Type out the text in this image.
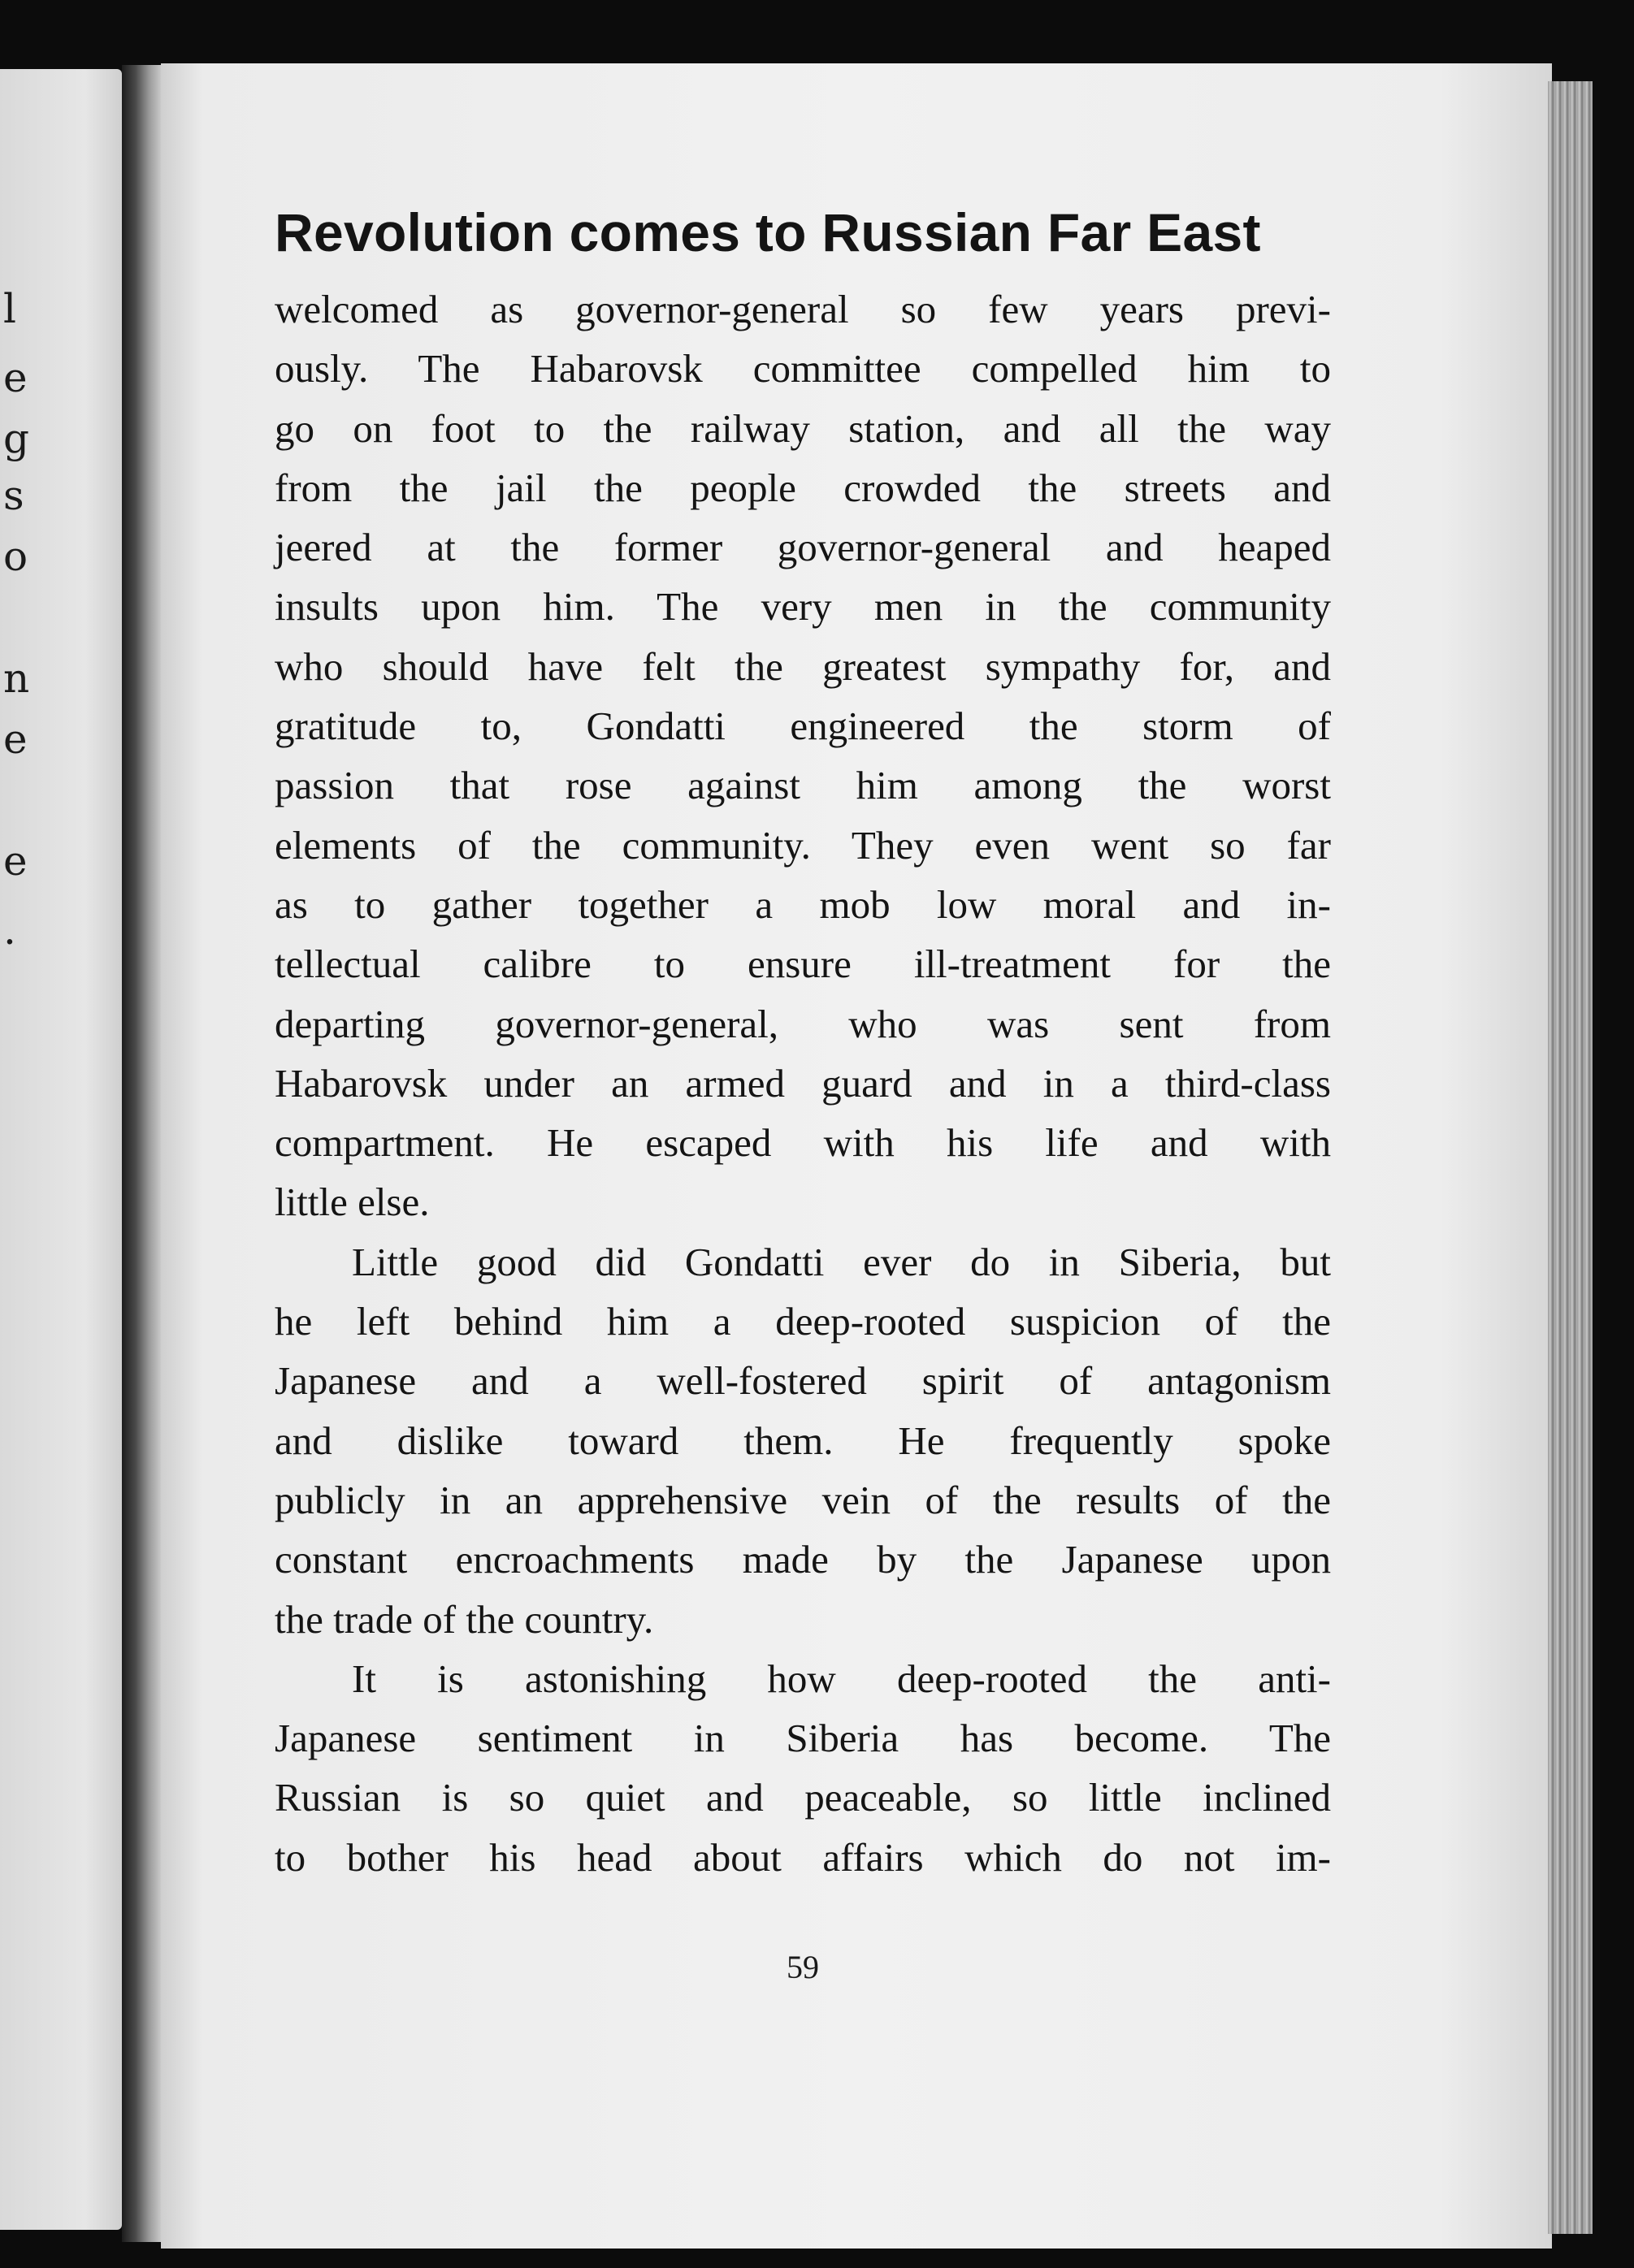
l
e
g
s
o
n
e
e
.
Revolution comes to Russian Far East
welcomed as governor-general so few years previ-
ously. The Habarovsk committee compelled him to
go on foot to the railway station, and all the way
from the jail the people crowded the streets and
jeered at the former governor-general and heaped
insults upon him. The very men in the community
who should have felt the greatest sympathy for, and
gratitude to, Gondatti engineered the storm of
passion that rose against him among the worst
elements of the community. They even went so far
as to gather together a mob low moral and in-
tellectual calibre to ensure ill-treatment for the
departing governor-general, who was sent from
Habarovsk under an armed guard and in a third-class
compartment. He escaped with his life and with
little else.
Little good did Gondatti ever do in Siberia, but
he left behind him a deep-rooted suspicion of the
Japanese and a well-fostered spirit of antagonism
and dislike toward them. He frequently spoke
publicly in an apprehensive vein of the results of the
constant encroachments made by the Japanese upon
the trade of the country.
It is astonishing how deep-rooted the anti-
Japanese sentiment in Siberia has become. The
Russian is so quiet and peaceable, so little inclined
to bother his head about affairs which do not im-
59
